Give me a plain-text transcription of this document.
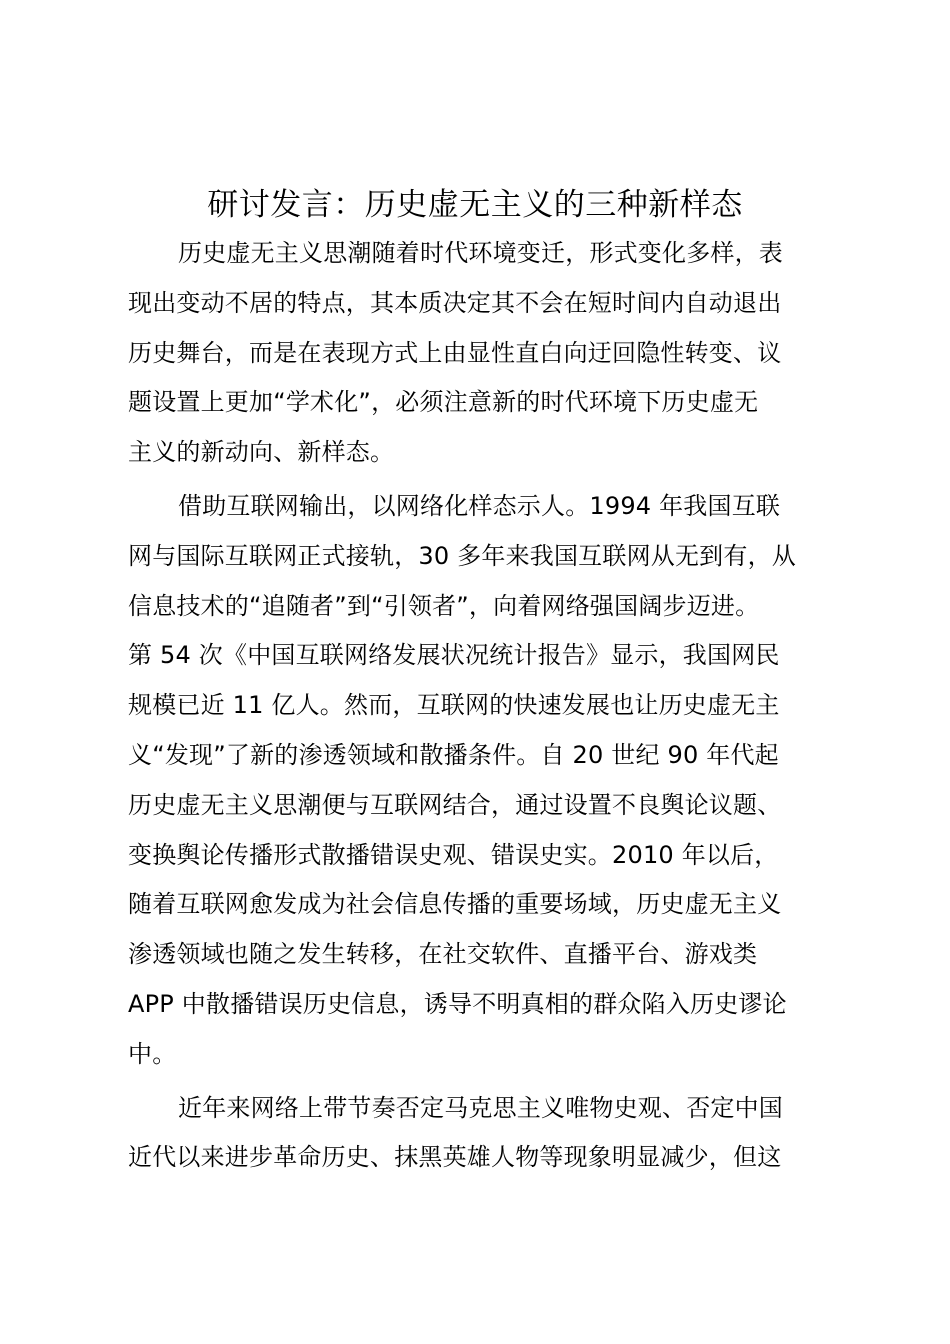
研讨发言：历史虚无主义的三种新样态
历史虚无主义思潮随着时代环境变迁，形式变化多样，表
现出变动不居的特点，其本质决定其不会在短时间内自动退出
历史舞台，而是在表现方式上由显性直白向迂回隐性转变、议
题设置上更加“学术化”，必须注意新的时代环境下历史虚无
主义的新动向、新样态。
借助互联网输出，以网络化样态示人。1994 年我国互联
网与国际互联网正式接轨，30 多年来我国互联网从无到有，从
信息技术的“追随者”到“引领者”，向着网络强国阔步迈进。
第 54 次《中国互联网络发展状况统计报告》显示，我国网民
规模已近 11 亿人。然而，互联网的快速发展也让历史虚无主
义“发现”了新的渗透领域和散播条件。自 20 世纪 90 年代起
历史虚无主义思潮便与互联网结合，通过设置不良舆论议题、
变换舆论传播形式散播错误史观、错误史实。2010 年以后，
随着互联网愈发成为社会信息传播的重要场域，历史虚无主义
渗透领域也随之发生转移，在社交软件、直播平台、游戏类
APP 中散播错误历史信息，诱导不明真相的群众陷入历史谬论
中。
近年来网络上带节奏否定马克思主义唯物史观、否定中国
近代以来进步革命历史、抹黑英雄人物等现象明显减少，但这
